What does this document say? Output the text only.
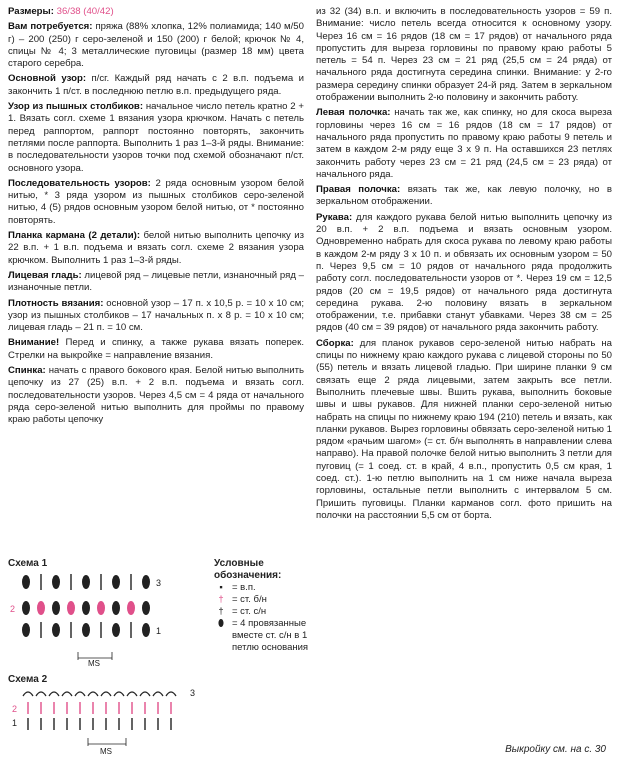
Размеры: 36/38 (40/42)

Вам потребуется: пряжа (88% хлопка, 12% полиамида; 140 м/50 г) – 200 (250) г серо-зеленой и 150 (200) г белой; крючок № 4, спицы № 4; 3 металлические пуговицы (размер 18 мм) цвета старого серебра.

Основной узор: п/сг. Каждый ряд начать с 2 в.п. подъема и закончить 1 п/ст. в последнюю петлю в.п. предыдущего ряда.

Узор из пышных столбиков: начальное число петель кратно 2 + 1. Вязать согл. схеме 1 вязания узора крючком. Начать с петель перед раппортом, раппорт постоянно повторять, закончить петлями после раппорта. Выполнить 1 раз 1–3-й ряды. Внимание: в последовательности узоров точки под схемой обозначают п/ст. основного узора.

Последовательность узоров: 2 ряда основным узором белой нитью, * 3 ряда узором из пышных столбиков серо-зеленой нитью, 4 (5) рядов основным узором белой нитью, от * постоянно повторять.

Планка кармана (2 детали): белой нитью выполнить цепочку из 22 в.п. + 1 в.п. подъема и вязать согл. схеме 2 вязания узора крючком. Выполнить 1 раз 1–3-й ряды.

Лицевая гладь: лицевой ряд – лицевые петли, изнаночный ряд – изнаночные петли.

Плотность вязания: основной узор – 17 п. х 10,5 р. = 10 х 10 см; узор из пышных столбиков – 17 начальных п. х 8 р. = 10 х 10 см; лицевая гладь – 21 п. = 10 см.

Внимание! Перед и спинку, а также рукава вязать поперек. Стрелки на выкройке = направление вязания.

Спинка: начать с правого бокового края. Белой нитью выполнить цепочку из 27 (25) в.п. + 2 в.п. подъема и вязать согл. последовательности узоров. Через 4,5 см = 4 ряда от начального ряда серо-зеленой нитью выполнить для проймы по правому краю работы цепочку

Схема 1
3
2
1
МS
Схема 2
2
1
3
МS
Условные обозначения:
▪ = в.п.
† = ст. б/н
† = ст. с/н
⬮ = 4 провязанные вместе ст. с/н в 1 петлю основания

из 32 (34) в.п. и включить в последовательность узоров = 59 п. Внимание: число петель всегда относится к основному узору. Через 16 см = 16 рядов (18 см = 17 рядов) от начального ряда пропустить для выреза горловины по правому краю работы 5 петель = 54 п. Через 23 см = 21 ряд (25,5 см = 24 ряда) от начального ряда достигнута середина спинки. Внимание: у 2-го размера середину спинки образует 24-й ряд. Затем в зеркальном отображении выполнить 2-ю половину и закончить работу.

Левая полочка: начать так же, как спинку, но для скоса выреза горловины через 16 см = 16 рядов (18 см = 17 рядов) от начального ряда пропустить по правому краю работы 9 петель и затем в каждом 2-м ряду еще 3 х 9 п. На оставшихся 23 петлях закончить работу через 23 см = 21 ряд (24,5 см = 23 ряда) от начального ряда.

Правая полочка: вязать так же, как левую полочку, но в зеркальном отображении.

Рукава: для каждого рукава белой нитью выполнить цепочку из 20 в.п. + 2 в.п. подъема и вязать основным узором. Одновременно набрать для скоса рукава по левому краю работы в каждом 2-м ряду 3 х 10 п. и обвязать их основным узором = 50 п. Через 9,5 см = 10 рядов от начального ряда продолжить работу согл. последовательности узоров от *. Через 19 см = 12,5 рядов (20 см = 19,5 рядов) от начального ряда достигнута середина рукава. 2-ю половину вязать в зеркальном отображении, т.е. прибавки станут убавками. Через 38 см = 25 рядов (40 см = 39 рядов) от начального ряда закончить работу.

Сборка: для планок рукавов серо-зеленой нитью набрать на спицы по нижнему краю каждого рукава с лицевой стороны по 50 (55) петель и вязать лицевой гладью. При ширине планки 9 см связать еще 2 ряда лицевыми, затем закрыть все петли. Выполнить плечевые швы. Вшить рукава, выполнить боковые швы и швы рукавов. Для нижней планки серо-зеленой нитью набрать на спицы по нижнему краю 194 (210) петель и вязать, как планки рукавов. Вырез горловины обвязать серо-зеленой нитью 1 рядом «рачьим шагом» (= ст. б/н выполнять в направлении слева направо). На правой полочке белой нитью выполнить 3 петли для пуговиц (= 1 соед. ст. в край, 4 в.п., пропустить 0,5 см края, 1 соед. ст.). 1-ю петлю выполнить на 1 см ниже начала выреза горловины, остальные петли выполнить с интервалом 5 см. Пришить пуговицы. Планки карманов согл. фото пришить на полочки на расстоянии 5,5 см от борта.

Выкройку см. на с. 30
